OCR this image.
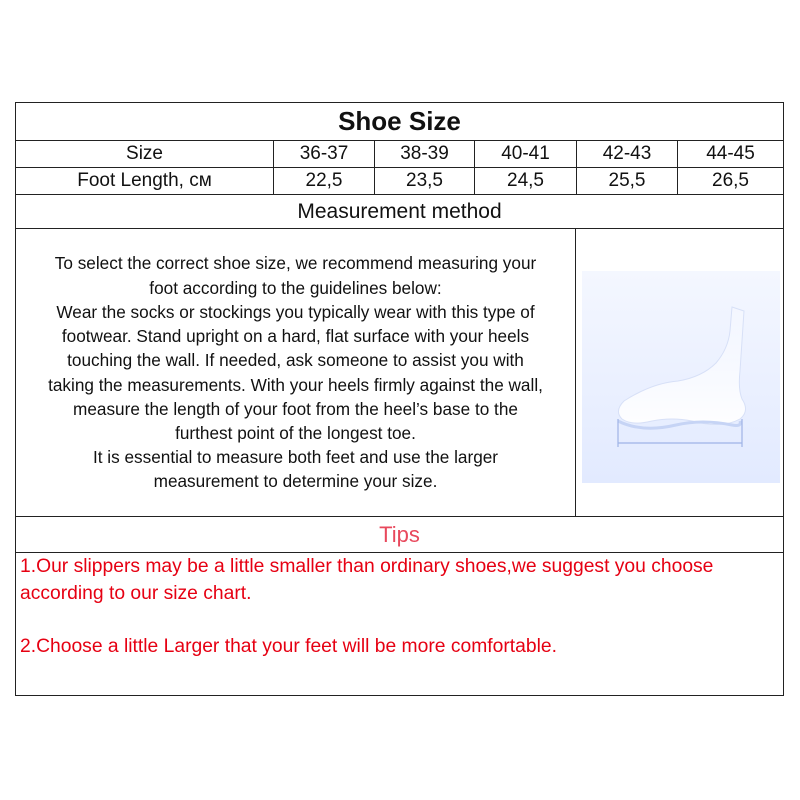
Shoe Size
Size	36-37	38-39	40-41	42-43	44-45
Foot Length, см	22,5	23,5	24,5	25,5	26,5
Measurement method

To select the correct shoe size, we recommend measuring your
foot according to the guidelines below:
Wear the socks or stockings you typically wear with this type of
footwear. Stand upright on a hard, flat surface with your heels
touching the wall. If needed, ask someone to assist you with
taking the measurements. With your heels firmly against the wall,
measure the length of your foot from the heel’s base to the
furthest point of the longest toe.
It is essential to measure both feet and use the larger
measurement to determine your size.

Tips
1.Our slippers may be a little smaller than ordinary shoes,we suggest you choose according to our size chart.
2.Choose a little Larger that your feet will be more comfortable.
